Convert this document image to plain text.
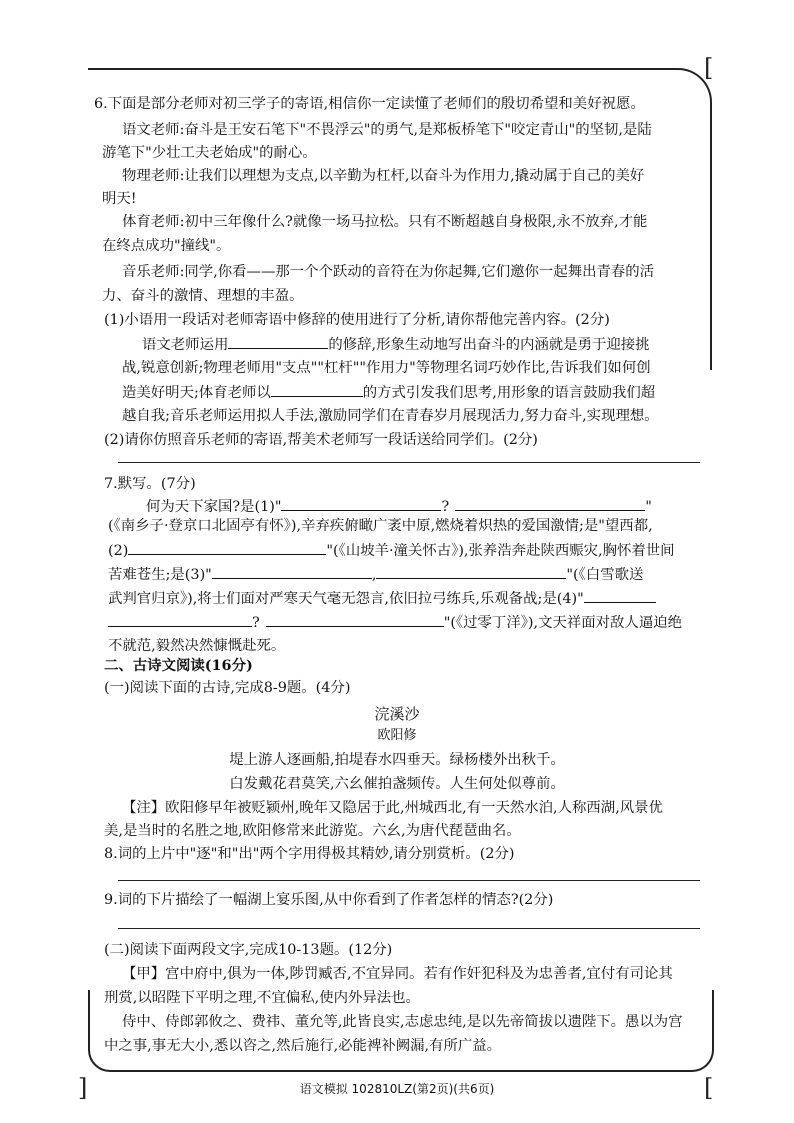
[
]	[
6.下面是部分老师对初三学子的寄语,相信你一定读懂了老师们的殷切希望和美好祝愿。
语文老师:奋斗是王安石笔下"不畏浮云"的勇气,是郑板桥笔下"咬定青山"的坚韧,是陆
游笔下"少壮工夫老始成"的耐心。
物理老师:让我们以理想为支点,以辛勤为杠杆,以奋斗为作用力,撬动属于自己的美好
明天!
体育老师:初中三年像什么?就像一场马拉松。只有不断超越自身极限,永不放弃,才能
在终点成功"撞线"。
音乐老师:同学,你看——那一个个跃动的音符在为你起舞,它们邀你一起舞出青春的活
力、奋斗的激情、理想的丰盈。
(1)小语用一段话对老师寄语中修辞的使用进行了分析,请你帮他完善内容。(2分)
语文老师运用	的修辞,形象生动地写出奋斗的内涵就是勇于迎接挑
战,锐意创新;物理老师用"支点""杠杆""作用力"等物理名词巧妙作比,告诉我们如何创
造美好明天;体育老师以	的方式引发我们思考,用形象的语言鼓励我们超
越自我;音乐老师运用拟人手法,激励同学们在青春岁月展现活力,努力奋斗,实现理想。
(2)请你仿照音乐老师的寄语,帮美术老师写一段话送给同学们。(2分)
7.默写。(7分)
何为天下家国?是(1)"	?	"
(《南乡子·登京口北固亭有怀》),辛弃疾俯瞰广袤中原,燃烧着炽热的爱国激情;是"望西都,
(2)	"(《山坡羊·潼关怀古》),张养浩奔赴陕西赈灾,胸怀着世间
苦难苍生;是(3)"	,	"(《白雪歌送
武判官归京》),将士们面对严寒天气毫无怨言,依旧拉弓练兵,乐观备战;是(4)"
?	"(《过零丁洋》),文天祥面对敌人逼迫绝
不就范,毅然决然慷慨赴死。
二、古诗文阅读(16分)
(一)阅读下面的古诗,完成8-9题。(4分)
浣溪沙
欧阳修
堤上游人逐画船,拍堤春水四垂天。绿杨楼外出秋千。
白发戴花君莫笑,六幺催拍盏频传。人生何处似尊前。
【注】欧阳修早年被贬颍州,晚年又隐居于此,州城西北,有一天然水泊,人称西湖,风景优
美,是当时的名胜之地,欧阳修常来此游览。六幺,为唐代琵琶曲名。
8.词的上片中"逐"和"出"两个字用得极其精妙,请分别赏析。(2分)
9.词的下片描绘了一幅湖上宴乐图,从中你看到了作者怎样的情态?(2分)
(二)阅读下面两段文字,完成10-13题。(12分)
【甲】宫中府中,俱为一体,陟罚臧否,不宜异同。若有作奸犯科及为忠善者,宜付有司论其
刑赏,以昭陛下平明之理,不宜偏私,使内外异法也。
侍中、侍郎郭攸之、费祎、董允等,此皆良实,志虑忠纯,是以先帝简拔以遗陛下。愚以为宫
中之事,事无大小,悉以咨之,然后施行,必能裨补阙漏,有所广益。
语文模拟 102810LZ(第2页)(共6页)
